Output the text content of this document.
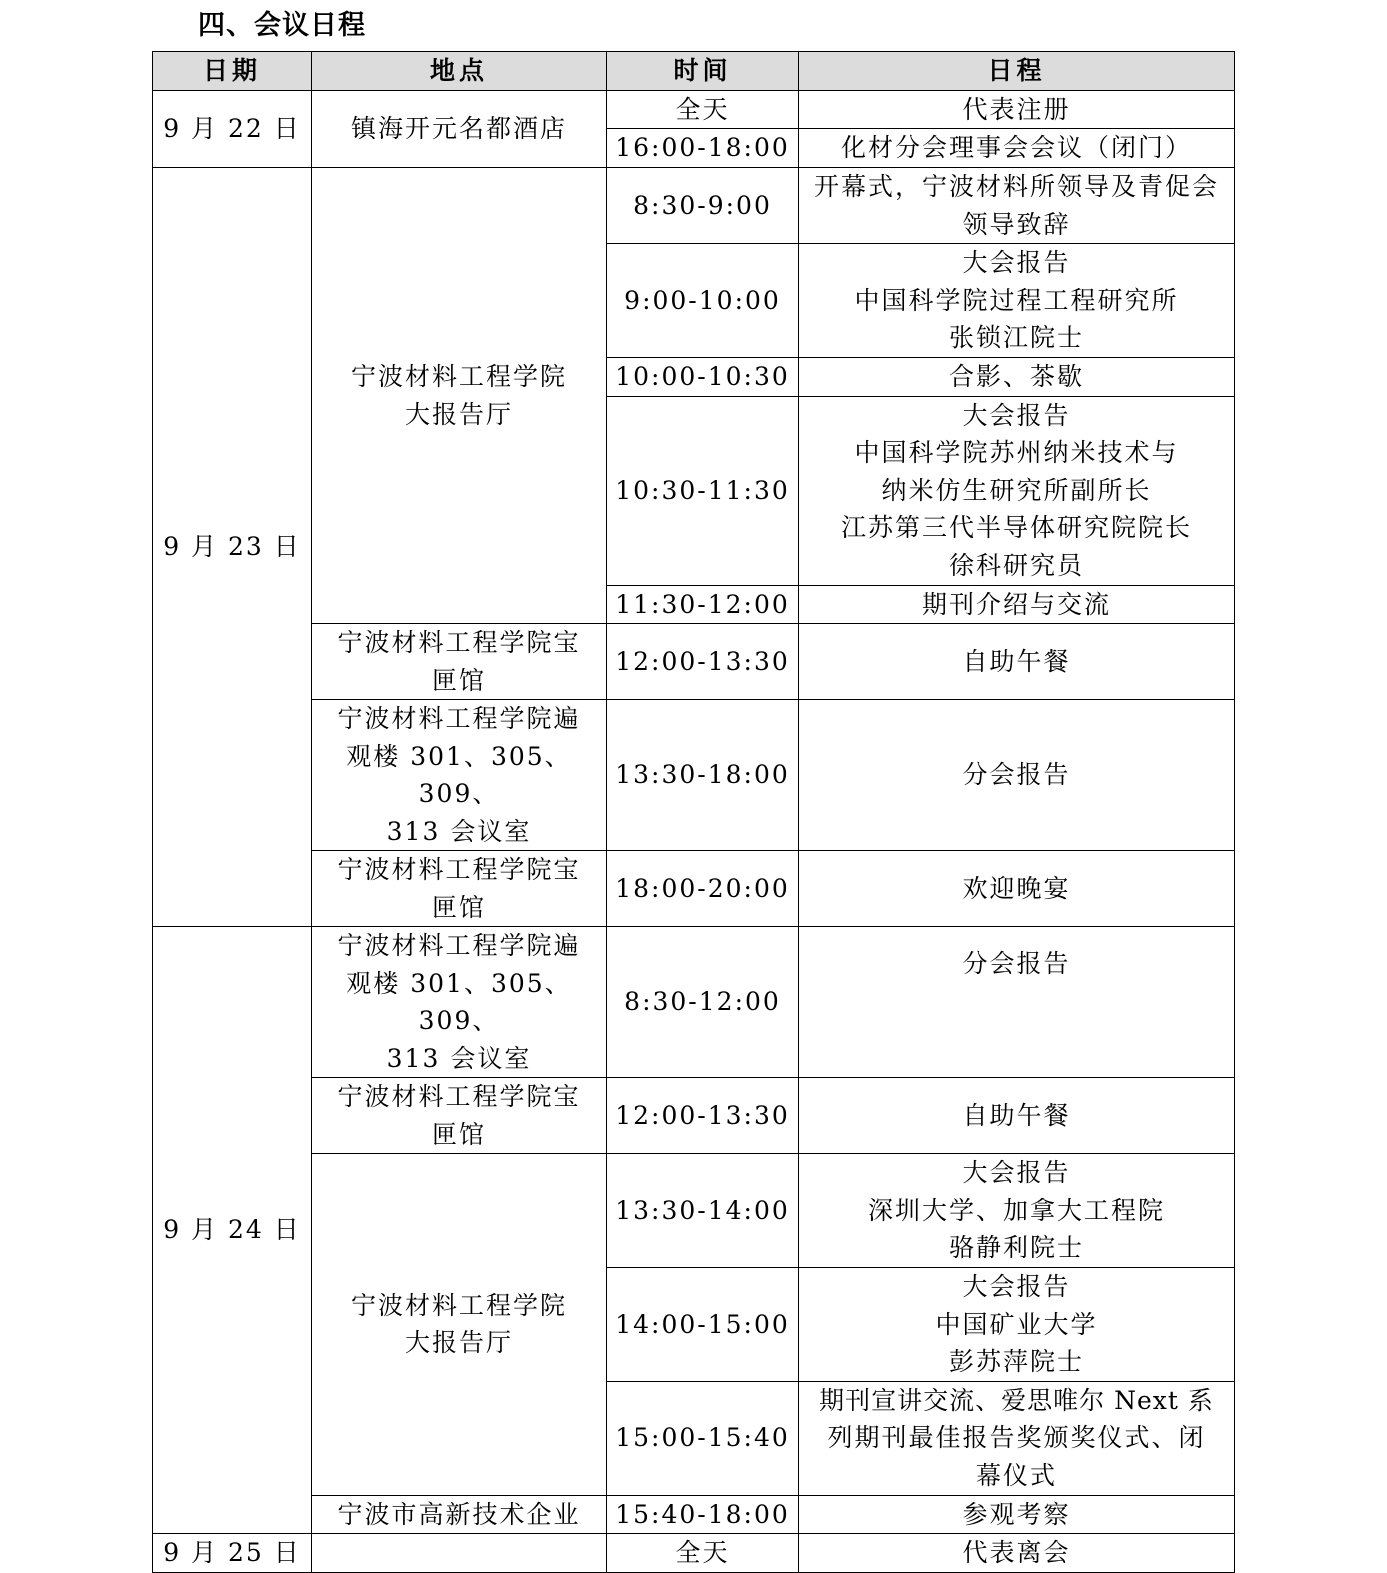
四、会议日程
日期	地点	时间	日程
9 月 22 日	镇海开元名都酒店	全天	代表注册
		16:00-18:00	化材分会理事会会议（闭门）
9 月 23 日	宁波材料工程学院大报告厅	8:30-9:00	开幕式，宁波材料所领导及青促会领导致辞

		9:00-10:00	大会报告
中国科学院过程工程研究所
张锁江院士

		10:00-10:30	合影、茶歇
		10:30-11:30	大会报告
中国科学院苏州纳米技术与
纳米仿生研究所副所长
江苏第三代半导体研究院院长
徐科研究员

		11:30-12:00	期刊介绍与交流

	宁波材料工程学院宝
匣馆	12:00-13:30	自助午餐

	宁波材料工程学院遍
观楼 301、305、309、
313 会议室	13:30-18:00	分会报告

	宁波材料工程学院宝
匣馆	18:00-20:00	欢迎晚宴
9 月 24 日	宁波材料工程学院遍
观楼 301、305、309、
313 会议室	8:30-12:00	分会报告

	宁波材料工程学院宝
匣馆	12:00-13:30	自助午餐

	宁波材料工程学院大报告厅	13:30-14:00	大会报告
深圳大学、加拿大工程院
骆静利院士

		14:00-15:00	大会报告
中国矿业大学
彭苏萍院士

		15:00-15:40	期刊宣讲交流、爱思唯尔 Next 系
列期刊最佳报告奖颁奖仪式、闭
幕仪式

	宁波市高新技术企业	15:40-18:00	参观考察
9 月 25 日		全天	代表离会
